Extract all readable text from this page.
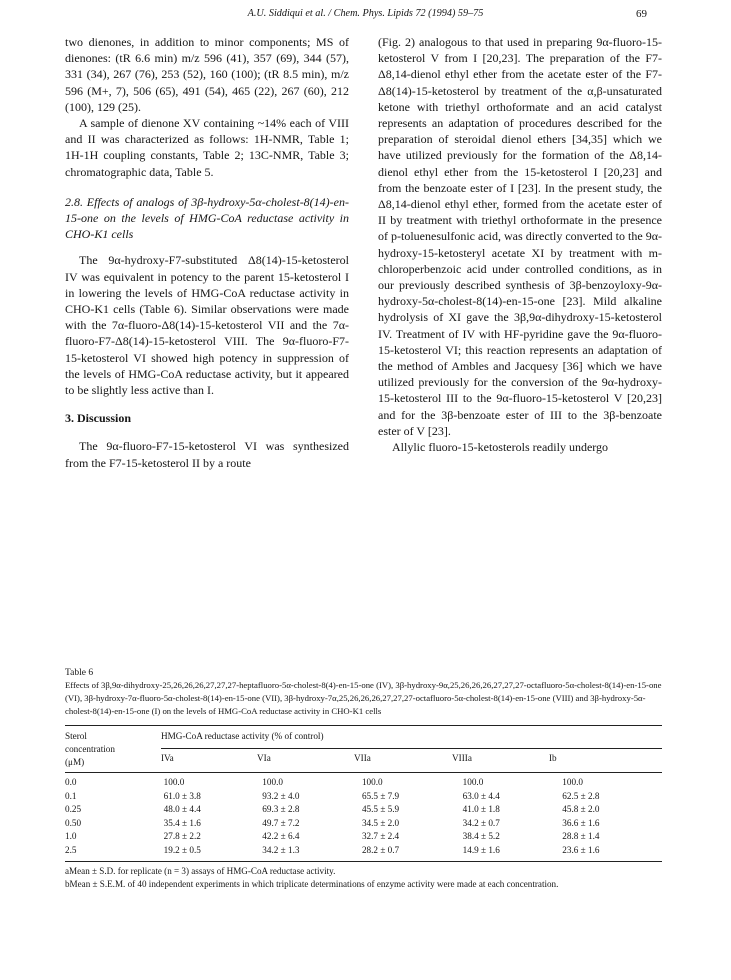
A.U. Siddiqui et al. / Chem. Phys. Lipids 72 (1994) 59–75	69

two dienones, in addition to minor components; MS of dienones: (tR 6.6 min) m/z 596 (41), 357 (69), 344 (57), 331 (34), 267 (76), 253 (52), 160 (100); (tR 8.5 min), m/z 596 (M+, 7), 506 (65), 491 (54), 465 (22), 267 (60), 212 (100), 129 (25).

A sample of dienone XV containing ~14% each of VIII and II was characterized as follows: 1H-NMR, Table 1; 1H-1H coupling constants, Table 2; 13C-NMR, Table 3; chromatographic data, Table 5.

2.8. Effects of analogs of 3β-hydroxy-5α-cholest-8(14)-en-15-one on the levels of HMG-CoA reductase activity in CHO-K1 cells

The 9α-hydroxy-F7-substituted Δ8(14)-15-ketosterol IV was equivalent in potency to the parent 15-ketosterol I in lowering the levels of HMG-CoA reductase activity in CHO-K1 cells (Table 6). Similar observations were made with the 7α-fluoro-Δ8(14)-15-ketosterol VII and the 7α-fluoro-F7-Δ8(14)-15-ketosterol VIII. The 9α-fluoro-F7-15-ketosterol VI showed high potency in suppression of the levels of HMG-CoA reductase activity, but it appeared to be slightly less active than I.

3. Discussion

The 9α-fluoro-F7-15-ketosterol VI was synthesized from the F7-15-ketosterol II by a route

(Fig. 2) analogous to that used in preparing 9α-fluoro-15-ketosterol V from I [20,23]. The preparation of the F7-Δ8,14-dienol ethyl ether from the acetate ester of the F7-Δ8(14)-15-ketosterol by treatment of the α,β-unsaturated ketone with triethyl orthoformate and an acid catalyst represents an adaptation of procedures described for the preparation of steroidal dienol ethers [34,35] which we have utilized previously for the formation of the Δ8,14-dienol ethyl ether from the 15-ketosterol I [20,23] and from the benzoate ester of I [23]. In the present study, the Δ8,14-dienol ethyl ether, formed from the acetate ester of II by treatment with triethyl orthoformate in the presence of p-toluenesulfonic acid, was directly converted to the 9α-hydroxy-15-ketosteryl acetate XI by treatment with m-chloroperbenzoic acid under controlled conditions, as in our previously described synthesis of 3β-benzoyloxy-9α-hydroxy-5α-cholest-8(14)-en-15-one [23]. Mild alkaline hydrolysis of XI gave the 3β,9α-dihydroxy-15-ketosterol IV. Treatment of IV with HF-pyridine gave the 9α-fluoro-15-ketosterol VI; this reaction represents an adaptation of the method of Ambles and Jacquesy [36] which we have utilized previously for the conversion of the 9α-hydroxy-15-ketosterol III to the 9α-fluoro-15-ketosterol V [20,23] and for the 3β-benzoate ester of III to the 3β-benzoate ester of V [23].

Allylic fluoro-15-ketosterols readily undergo

Table 6

Effects of 3β,9α-dihydroxy-25,26,26,26,27,27,27-heptafluoro-5α-cholest-8(4)-en-15-one (IV), 3β-hydroxy-9α,25,26,26,26,27,27,27-octafluoro-5α-cholest-8(14)-en-15-one (VI), 3β-hydroxy-7α-fluoro-5α-cholest-8(14)-en-15-one (VII), 3β-hydroxy-7α,25,26,26,26,27,27,27-octafluoro-5α-cholest-8(14)-en-15-one (VIII) and 3β-hydroxy-5α-cholest-8(14)-en-15-one (I) on the levels of HMG-CoA reductase activity in CHO-K1 cells

Sterol
concentration
(μM)

HMG-CoA reductase activity (% of control)
IVa	VIa	VIIa	VIIIa	Ib
0.0	100.0	100.0	100.0	100.0	100.0
0.1	61.0 ± 3.8	93.2 ± 4.0	65.5 ± 7.9	63.0 ± 4.4	62.5 ± 2.8
0.25	48.0 ± 4.4	69.3 ± 2.8	45.5 ± 5.9	41.0 ± 1.8	45.8 ± 2.0
0.50	35.4 ± 1.6	49.7 ± 7.2	34.5 ± 2.0	34.2 ± 0.7	36.6 ± 1.6
1.0	27.8 ± 2.2	42.2 ± 6.4	32.7 ± 2.4	38.4 ± 5.2	28.8 ± 1.4
2.5	19.2 ± 0.5	34.2 ± 1.3	28.2 ± 0.7	14.9 ± 1.6	23.6 ± 1.6

aMean ± S.D. for replicate (n = 3) assays of HMG-CoA reductase activity.

bMean ± S.E.M. of 40 independent experiments in which triplicate determinations of enzyme activity were made at each concentration.
